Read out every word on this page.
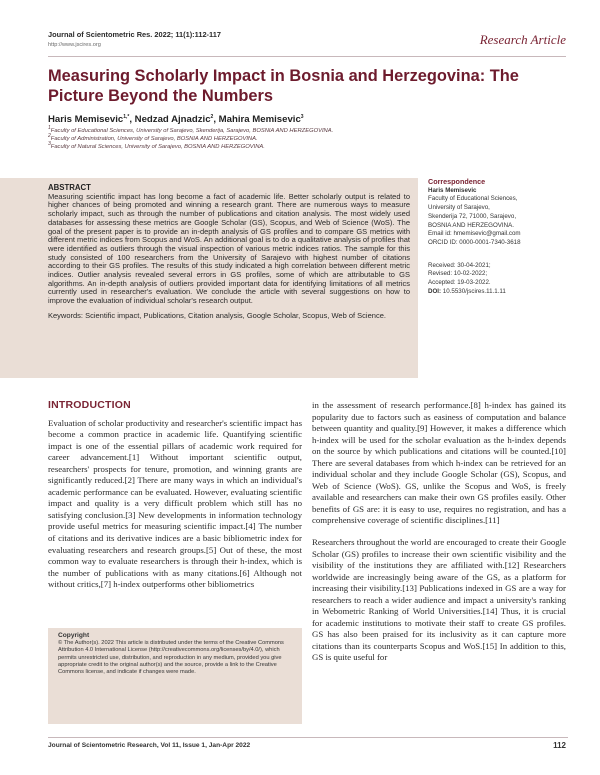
Journal of Scientometric Res. 2022; 11(1):112-117
http://www.jscires.org	Research Article
Measuring Scholarly Impact in Bosnia and Herzegovina: The Picture Beyond the Numbers
Haris Memisevic$^{1,*}$, Nedzad Ajnadzic$^2$, Mahira Memisevic$^3$
$^1$Faculty of Educational Sciences, University of Sarajevo, Skenderija, Sarajevo, BOSNIA AND HERZEGOVINA.
$^2$Faculty of Administration, University of Sarajevo, BOSNIA AND HERZEGOVINA.
$^3$Faculty of Natural Sciences, University of Sarajevo, BOSNIA AND HERZEGOVINA.
ABSTRACT

Measuring scientific impact has long become a fact of academic life. Better scholarly output is related to higher chances of being promoted and winning a research grant. There are numerous ways to measure scholarly impact, such as through the number of publications and citation analysis. The most widely used databases for assessing these metrics are Google Scholar (GS), Scopus, and Web of Science (WoS). The goal of the present paper is to provide an in-depth analysis of GS profiles and to compare GS metrics with different metric indices from Scopus and WoS. An additional goal is to do a qualitative analysis of profiles that were identified as outliers through the visual inspection of various metric indices ratios. The sample for this study consisted of 100 researchers from the University of Sarajevo with highest number of citations according to their GS profiles. The results of this study indicated a high correlation between different metric indices. Outlier analysis revealed several errors in GS profiles, some of which are attributable to GS algorithms. An in-depth analysis of outliers provided important data for identifying limitations of all metrics currently used in researcher's evaluation. We conclude the article with several suggestions on how to improve the evaluation of individual scholar's research output.

Keywords: Scientific impact, Publications, Citation analysis, Google Scholar, Scopus, Web of Science.

Correspondence
Haris Memisevic
Faculty of Educational Sciences,
University of Sarajevo,
Skenderija 72, 71000, Sarajevo,
BOSNIA AND HERZEGOVINA.
Email id: hmemisevic@gmail.com
ORCID ID: 0000-0001-7340-3618
Received: 30-04-2021;
Revised: 10-02-2022;
Accepted: 19-03-2022.
DOI: 10.5530/jscires.11.1.11
INTRODUCTION

Evaluation of scholar productivity and researcher's scientific impact has become a common practice in academic life. Quantifying scientific impact is one of the essential pillars of academic work required for career advancement.[1] Without important scientific output, researchers' prospects for tenure, promotion, and winning grants are significantly reduced.[2] There are many ways in which an individual's academic performance can be evaluated. However, evaluating scientific impact and quality is a very difficult problem which still has no satisfying conclusion.[3] New developments in information technology provide useful metrics for measuring scientific impact.[4] The number of citations and its derivative indices are a basic bibliometric index for evaluating researchers and research groups.[5] Out of these, the most common way to evaluate researchers is through their h-index, which is the number of publications with as many citations.[6] Although not without critics,[7] h-index outperforms other bibliometrics

Copyright
© The Author(s). 2022 This article is distributed under the terms of the Creative Commons Attribution 4.0 International License (http://creativecommons.org/licenses/by/4.0/), which permits unrestricted use, distribution, and reproduction in any medium, provided you give appropriate credit to the original author(s) and the source, provide a link to the Creative Commons license, and indicate if changes were made.

in the assessment of research performance.[8] h-index has gained its popularity due to factors such as easiness of computation and balance between quantity and quality.[9] However, it makes a difference which h-index will be used for the scholar evaluation as the h-index depends on the source by which publications and citations will be counted.[10] There are several databases from which h-index can be retrieved for an individual scholar and they include Google Scholar (GS), Scopus, and Web of Science (WoS). GS, unlike the Scopus and WoS, is freely available and researchers can make their own GS profiles easily. Other benefits of GS are: it is easy to use, requires no registration, and has a comprehensive coverage of scientific disciplines.[11]

Researchers throughout the world are encouraged to create their Google Scholar (GS) profiles to increase their own scientific visibility and the visibility of the institutions they are affiliated with.[12] Researchers worldwide are increasingly being aware of the GS, as a platform for increasing their visibility.[13] Publications indexed in GS are a way for researchers to reach a wider audience and impact a university's ranking in Webometric Ranking of World Universities.[14] Thus, it is crucial for academic institutions to motivate their staff to create GS profiles. GS has also been praised for its inclusivity as it can capture more citations than its counterparts Scopus and WoS.[15] In addition to this, GS is quite useful for

Journal of Scientometric Research, Vol 11, Issue 1, Jan-Apr 2022	112
